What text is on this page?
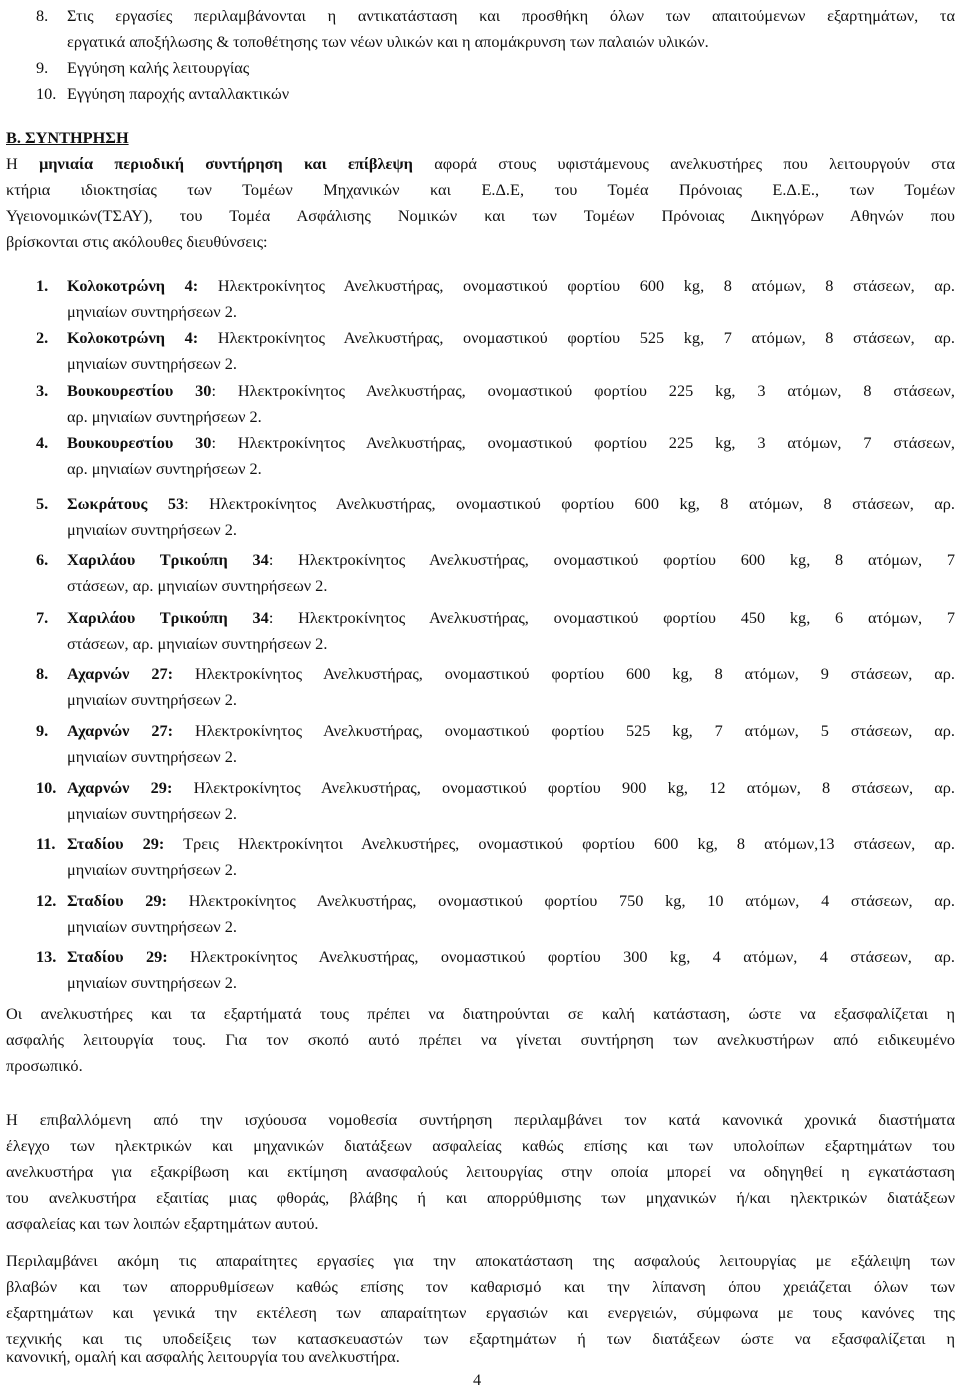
8. Στις εργασίες περιλαμβάνονται η αντικατάσταση και προσθήκη όλων των απαιτούμενων εξαρτημάτων, τα
εργατικά αποξήλωσης & τοποθέτησης των νέων υλικών και η απομάκρυνση των παλαιών υλικών.
9. Εγγύηση καλής λειτουργίας
10. Εγγύηση παροχής ανταλλακτικών
Β. ΣΥΝΤΗΡΗΣΗ
Η μηνιαία περιοδική συντήρηση και επίβλεψη αφορά στους υφιστάμενους ανελκυστήρες που λειτουργούν στα
κτήρια ιδιοκτησίας των Τομέων Μηχανικών και Ε.Δ.Ε, του Τομέα Πρόνοιας Ε.Δ.Ε., των Τομέων
Υγειονομικών(ΤΣΑΥ), του Τομέα Ασφάλισης Νομικών και των Τομέων Πρόνοιας Δικηγόρων Αθηνών που
βρίσκονται στις ακόλουθες διευθύνσεις:
1. Κολοκοτρώνη 4: Ηλεκτροκίνητος Ανελκυστήρας, ονομαστικού φορτίου 600 kg, 8 ατόμων, 8 στάσεων, αρ.
μηνιαίων συντηρήσεων 2.
2. Κολοκοτρώνη 4: Ηλεκτροκίνητος Ανελκυστήρας, ονομαστικού φορτίου 525 kg, 7 ατόμων, 8 στάσεων, αρ.
μηνιαίων συντηρήσεων 2.
3. Βουκουρεστίου 30: Ηλεκτροκίνητος Ανελκυστήρας, ονομαστικού φορτίου 225 kg, 3 ατόμων, 8 στάσεων,
αρ. μηνιαίων συντηρήσεων 2.
4. Βουκουρεστίου 30: Ηλεκτροκίνητος Ανελκυστήρας, ονομαστικού φορτίου 225 kg, 3 ατόμων, 7 στάσεων,
αρ. μηνιαίων συντηρήσεων 2.
5. Σωκράτους 53: Ηλεκτροκίνητος Ανελκυστήρας, ονομαστικού φορτίου 600 kg, 8 ατόμων, 8 στάσεων, αρ.
μηνιαίων συντηρήσεων 2.
6. Χαριλάου Τρικούπη 34: Ηλεκτροκίνητος Ανελκυστήρας, ονομαστικού φορτίου 600 kg, 8 ατόμων, 7
στάσεων, αρ. μηνιαίων συντηρήσεων 2.
7. Χαριλάου Τρικούπη 34: Ηλεκτροκίνητος Ανελκυστήρας, ονομαστικού φορτίου 450 kg, 6 ατόμων, 7
στάσεων, αρ. μηνιαίων συντηρήσεων 2.
8. Αχαρνών 27: Ηλεκτροκίνητος Ανελκυστήρας, ονομαστικού φορτίου 600 kg, 8 ατόμων, 9 στάσεων, αρ.
μηνιαίων συντηρήσεων 2.
9. Αχαρνών 27: Ηλεκτροκίνητος Ανελκυστήρας, ονομαστικού φορτίου 525 kg, 7 ατόμων, 5 στάσεων, αρ.
μηνιαίων συντηρήσεων 2.
10. Αχαρνών 29: Ηλεκτροκίνητος Ανελκυστήρας, ονομαστικού φορτίου 900 kg, 12 ατόμων, 8 στάσεων, αρ.
μηνιαίων συντηρήσεων 2.
11. Σταδίου 29: Τρεις Ηλεκτροκίνητοι Ανελκυστήρες, ονομαστικού φορτίου 600 kg, 8 ατόμων,13 στάσεων, αρ.
μηνιαίων συντηρήσεων 2.
12. Σταδίου 29: Ηλεκτροκίνητος Ανελκυστήρας, ονομαστικού φορτίου 750 kg, 10 ατόμων, 4 στάσεων, αρ.
μηνιαίων συντηρήσεων 2.
13. Σταδίου 29: Ηλεκτροκίνητος Ανελκυστήρας, ονομαστικού φορτίου 300 kg, 4 ατόμων, 4 στάσεων, αρ.
μηνιαίων συντηρήσεων 2.
Οι ανελκυστήρες και τα εξαρτήματά τους πρέπει να διατηρούνται σε καλή κατάσταση, ώστε να εξασφαλίζεται η
ασφαλής λειτουργία τους. Για τον σκοπό αυτό πρέπει να γίνεται συντήρηση των ανελκυστήρων από ειδικευμένο
προσωπικό.
Η επιβαλλόμενη από την ισχύουσα νομοθεσία συντήρηση περιλαμβάνει τον κατά κανονικά χρονικά διαστήματα
έλεγχο των ηλεκτρικών και μηχανικών διατάξεων ασφαλείας καθώς επίσης και των υπολοίπων εξαρτημάτων του
ανελκυστήρα για εξακρίβωση και εκτίμηση ανασφαλούς λειτουργίας στην οποία μπορεί να οδηγηθεί η εγκατάσταση
του ανελκυστήρα εξαιτίας μιας φθοράς, βλάβης ή και απορρύθμισης των μηχανικών ή/και ηλεκτρικών διατάξεων
ασφαλείας και των λοιπών εξαρτημάτων αυτού.
Περιλαμβάνει ακόμη τις απαραίτητες εργασίες για την αποκατάσταση της ασφαλούς λειτουργίας με εξάλειψη των
βλαβών και των απορρυθμίσεων καθώς επίσης τον καθαρισμό και την λίπανση όπου χρειάζεται όλων των
εξαρτημάτων και γενικά την εκτέλεση των απαραίτητων εργασιών και ενεργειών, σύμφωνα με τους κανόνες της
τεχνικής και τις υποδείξεις των κατασκευαστών των εξαρτημάτων ή των διατάξεων ώστε να εξασφαλίζεται η
κανονική, ομαλή και ασφαλής λειτουργία του ανελκυστήρα.
4
